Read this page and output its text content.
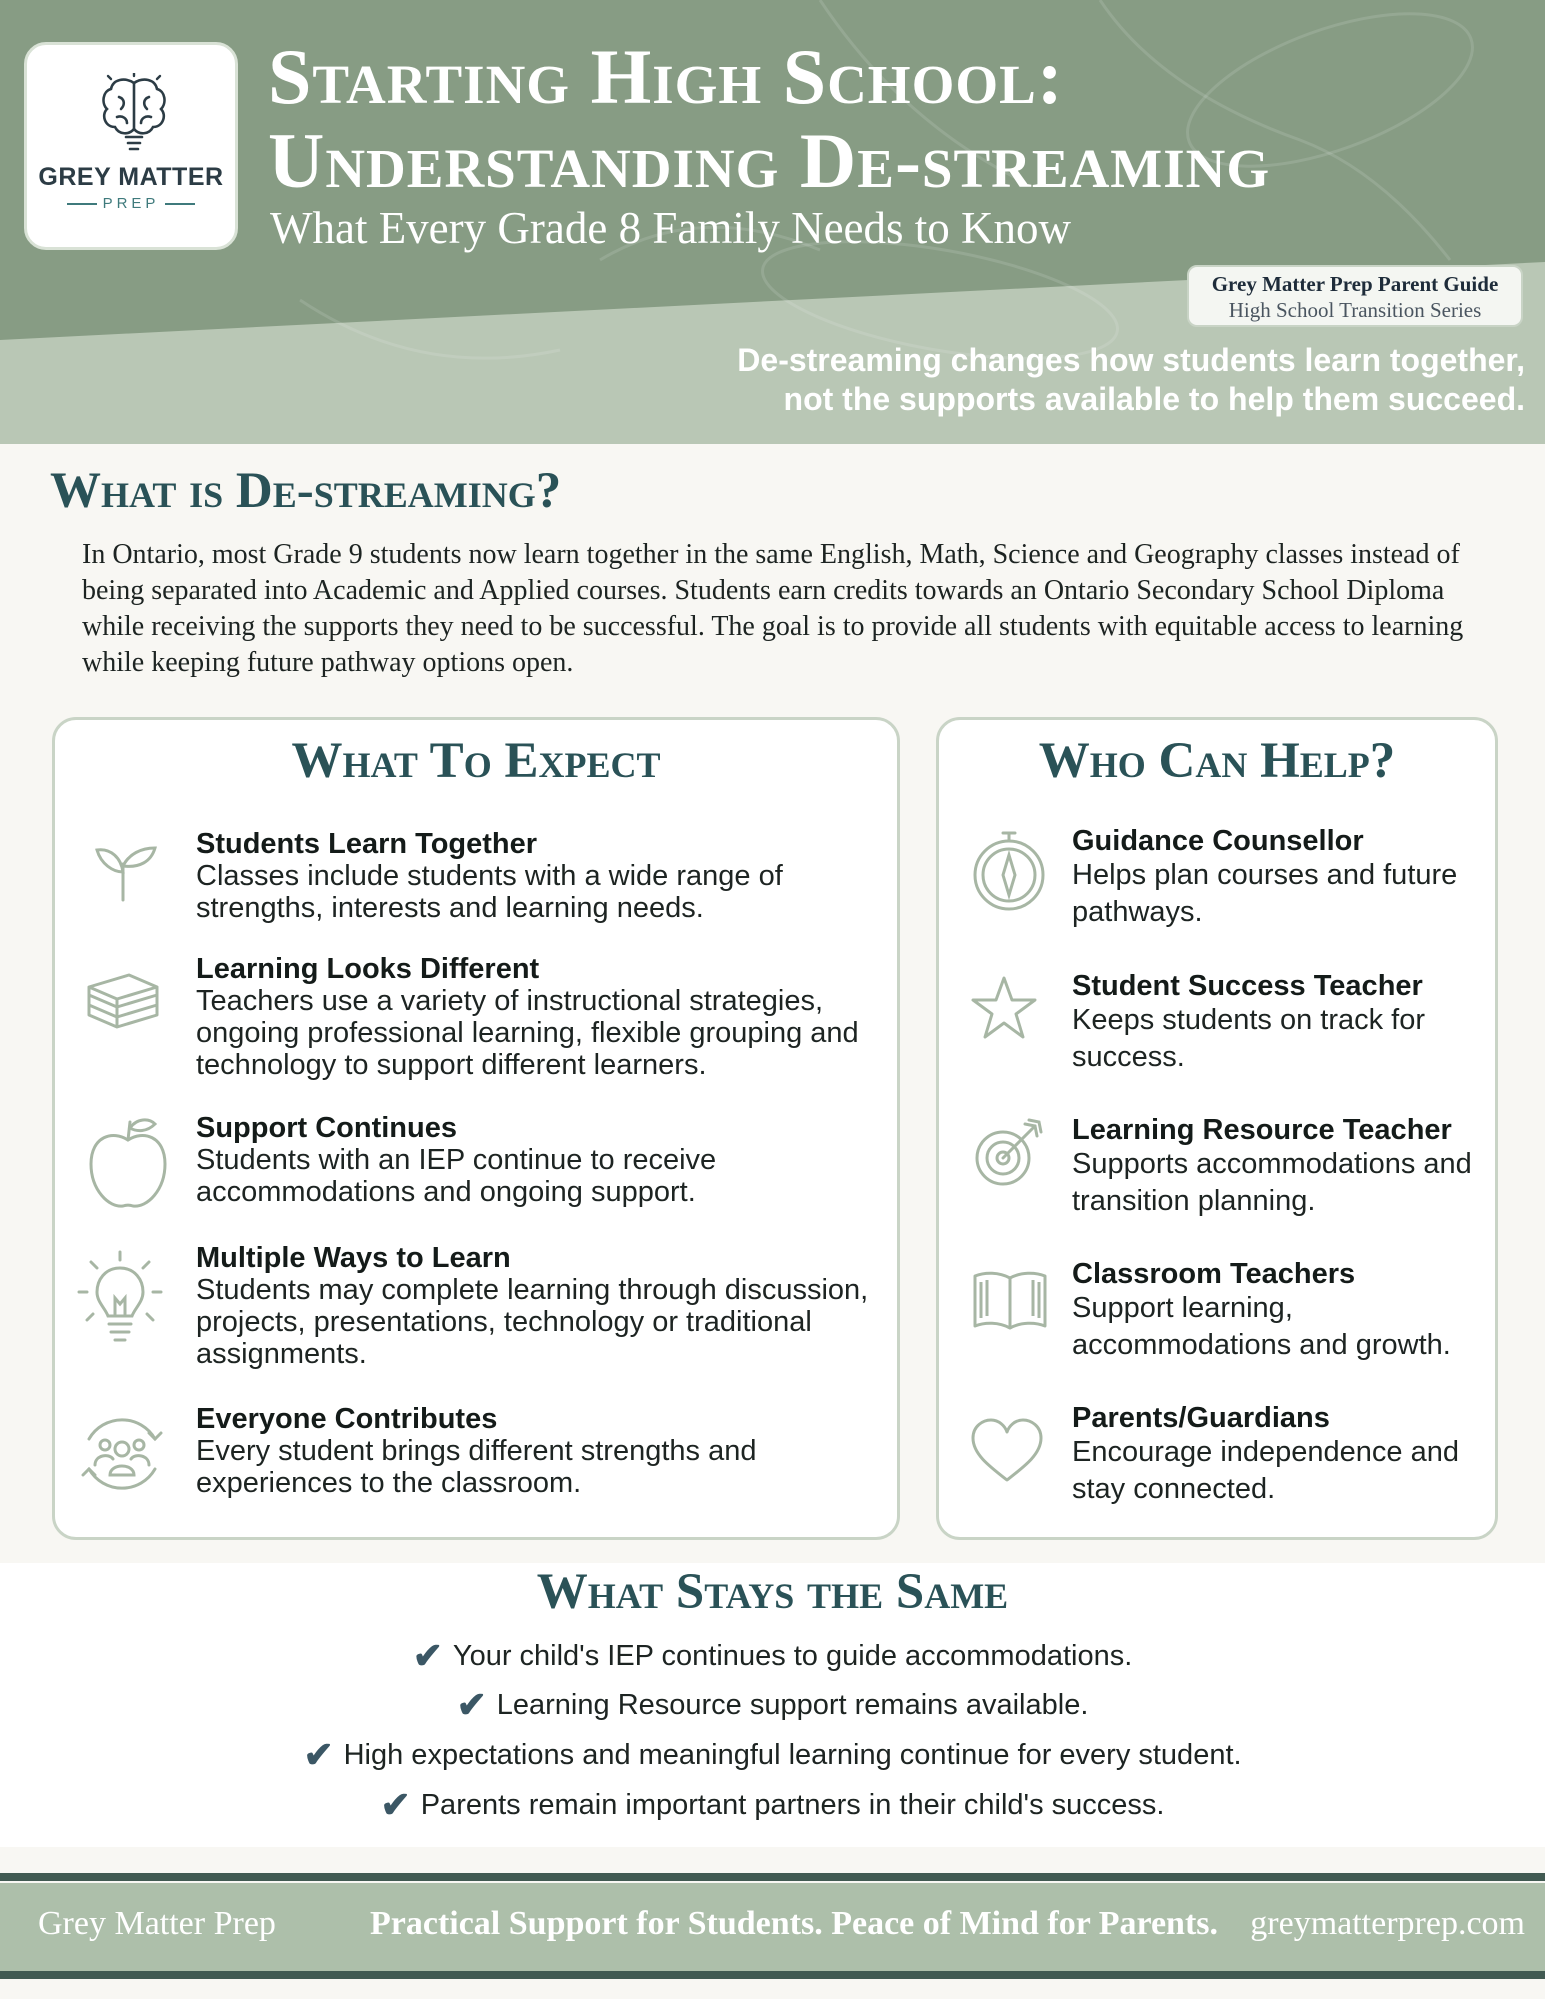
GREY MATTER
PREP
Starting High School:
Understanding De-streaming
What Every Grade 8 Family Needs to Know
Grey Matter Prep Parent Guide
High School Transition Series
De-streaming changes how students learn together,
not the supports available to help them succeed.
What is De-streaming?

In Ontario, most Grade 9 students now learn together in the same English, Math, Science and Geography classes instead of being separated into Academic and Applied courses. Students earn credits towards an Ontario Secondary School Diploma while receiving the supports they need to be successful. The goal is to provide all students with equitable access to learning while keeping future pathway options open.

What To Expect
Students Learn Together
Classes include students with a wide range of strengths, interests and learning needs.
Learning Looks Different
Teachers use a variety of instructional strategies, ongoing professional learning, flexible grouping and technology to support different learners.
Support Continues
Students with an IEP continue to receive accommodations and ongoing support.
Multiple Ways to Learn
Students may complete learning through discussion, projects, presentations, technology or traditional assignments.
Everyone Contributes
Every student brings different strengths and experiences to the classroom.
Who Can Help?
Guidance Counsellor
Helps plan courses and future pathways.
Student Success Teacher
Keeps students on track for success.
Learning Resource Teacher
Supports accommodations and transition planning.
Classroom Teachers
Support learning, accommodations and growth.
Parents/Guardians
Encourage independence and stay connected.
What Stays the Same
✔ Your child's IEP continues to guide accommodations.
✔ Learning Resource support remains available.
✔ High expectations and meaningful learning continue for every student.
✔ Parents remain important partners in their child's success.
Grey Matter Prep	Practical Support for Students. Peace of Mind for Parents. greymatterprep.com
